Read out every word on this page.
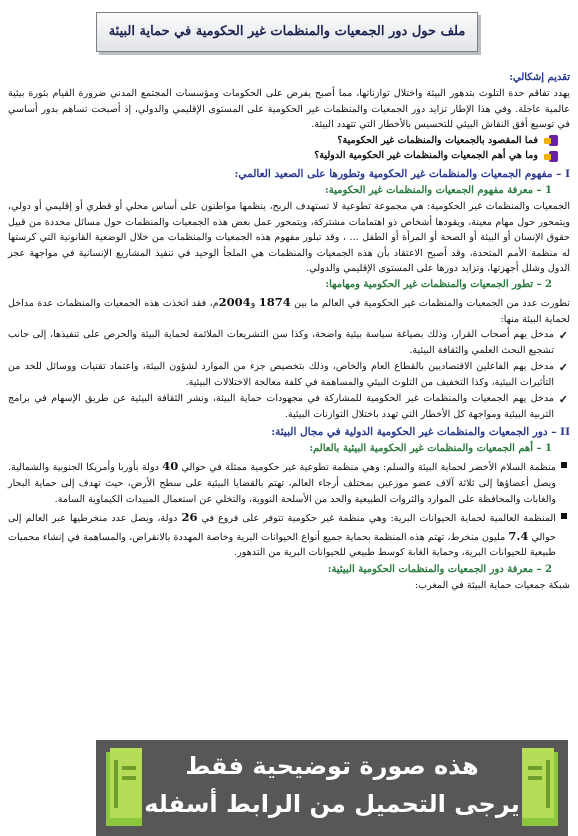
ملف حول دور الجمعيات والمنظمات غير الحكومية في حماية البيئة
تقديم إشكالي:
يهدد تفاقم حدة التلوث بتدهور البيئة واختلال توازناتها، مما أصبح يفرض على الحكومات ومؤسسات المجتمع المدني ضرورة القيام بثورة بيئية عالمية عاجلة. وفي هذا الإطار تزايد دور الجمعيات والمنظمات غير الحكومية على المستوى الإقليمي والدولي، إذ أصبحت تساهم بدور أساسي في توسيع أفق النقاش البيئي للتحسيس بالأخطار التي تتهدد البيئة.
فما المقصود بالجمعيات والمنظمات غير الحكومية؟
وما هي أهم الجمعيات والمنظمات غير الحكومية الدولية؟
I – مفهوم الجمعيات والمنظمات غير الحكومية وتطورها على الصعيد العالمي:
1 – معرفة مفهوم الجمعيات والمنظمات غير الحكومية:
الجمعيات والمنظمات غير الحكومية: هي مجموعة تطوعية لا تستهدف الربح، ينظمها مواطنون على أساس محلي أو قطري أو إقليمي أو دولي، ويتمحور حول مهام معينة، ويقودها أشخاص ذو اهتمامات مشتركة، ويتمحور عمل بعض هذه الجمعيات والمنظمات حول مسائل محددة من قبيل حقوق الإنسان أو البيئة أو الصحة أو المرأة أو الطفل ... ، وقد تبلور مفهوم هذه الجمعيات والمنظمات من خلال الوضعية القانونية التي كرستها له منظمة الأمم المتحدة، وقد أصبح الاعتقاد بأن هذه الجمعيات والمنظمات هي الملجأ الوحيد في تنفيذ المشاريع الإنسانية في مواجهة عجز الدول وشلل أجهزتها، وتزايد دورها على المستوى الإقليمي والدولي.
2 – تطور الجمعيات والمنظمات غير الحكومية ومهامها:
تطورت عدد من الجمعيات والمنظمات غير الحكومية في العالم ما بين 1874 و2004م، فقد اتخذت هذه الجمعيات والمنظمات عدة مداخل لحماية البيئة منها:
✓
مدخل يهم أصحاب القرار، وذلك بصياغة سياسة بيئية واضحة، وكذا سن التشريعات الملائمة لحماية البيئة والحرص على تنفيذها، إلى جانب تشجيع البحث العلمي والثقافة البيئية.
✓
مدخل يهم الفاعلين الاقتصاديين بالقطاع العام والخاص، وذلك بتخصيص جزء من الموارد لشؤون البيئة، واعتماد تقنيات ووسائل للحد من التأثيرات البيئية، وكذا التخفيف من التلوث البيئي والمساهمة في كلفة معالجة الاختلالات البيئية.
✓
مدخل يهم الجمعيات والمنظمات غير الحكومية للمشاركة في مجهودات حماية البيئة، ونشر الثقافة البيئية عن طريق الإسهام في برامج التربية البيئية ومواجهة كل الأخطار التي تهدد باختلال التوازنات البيئية.
II – دور الجمعيات والمنظمات غير الحكومية الدولية في مجال البيئة:
1 – أهم الجمعيات والمنظمات غير الحكومية البيئية بالعالم:
منظمة السلام الأخضر لحماية البيئة والسلم: وهي منظمة تطوعية غير حكومية ممثلة في حوالي 40 دولة بأوربا وأمريكا الجنوبية والشمالية. ويصل أعضاؤها إلى ثلاثة آلاف عضو موزعين بمختلف أرجاء العالم، تهتم بالقضايا البيئية على سطح الأرض، حيث تهدف إلى حماية البحار والغابات والمحافظة على الموارد والثروات الطبيعية والحد من الأسلحة النووية، والتخلي عن استعمال المبيدات الكيماوية السامة.
المنظمة العالمية لحماية الحيوانات البرية: وهي منظمة غير حكومية تتوفر على فروع في 26 دولة، ويصل عدد منخرطيها عبر العالم إلى حوالي 7.4 مليون منخرط، تهتم هذه المنظمة بحماية جميع أنواع الحيوانات البرية وخاصة المهددة بالانقراض، والمساهمة في إنشاء محميات طبيعية للحيوانات البرية، وحماية الغابة كوسط طبيعي للحيوانات البرية من التدهور.
2 – معرفة دور الجمعيات والمنظمات الحكومية البيئية:
شبكة جمعيات حماية البيئة في المغرب:
هذه صورة توضيحية فقط
يرجى التحميل من الرابط أسفله
